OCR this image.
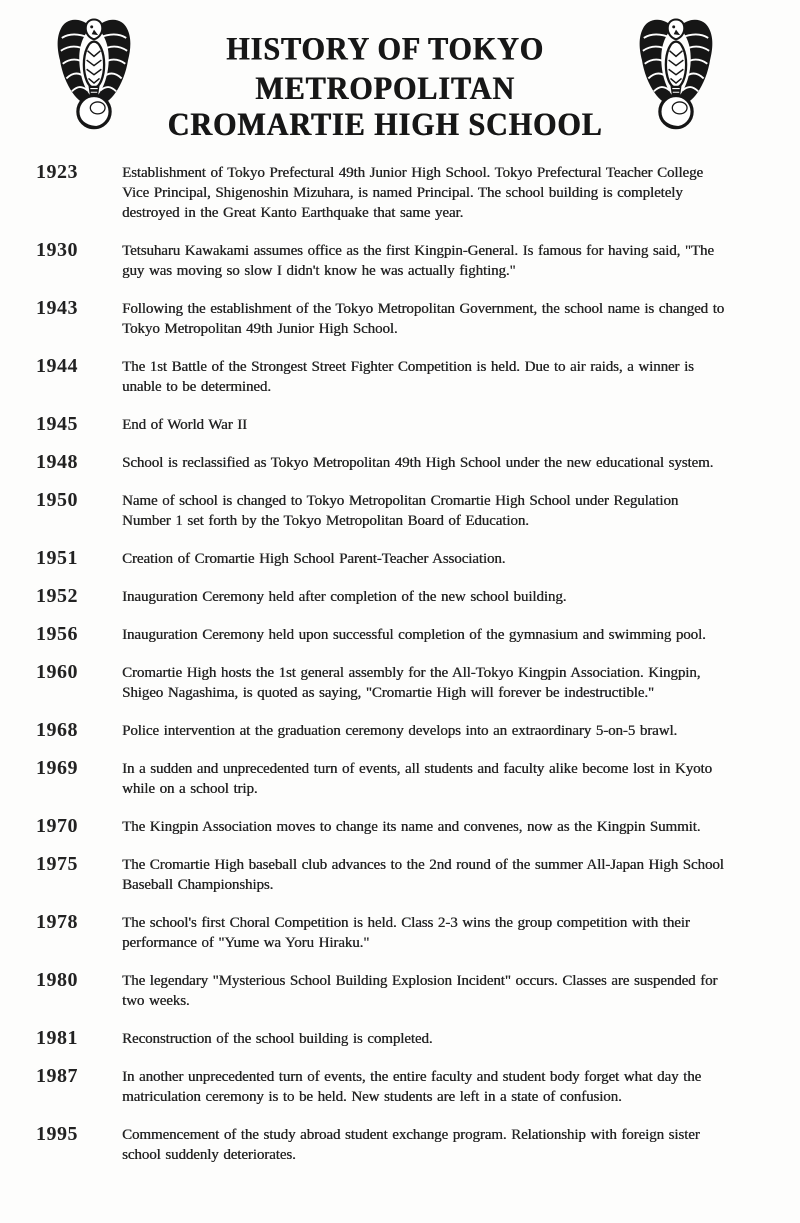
HISTORY OF TOKYO METROPOLITAN
CROMARTIE HIGH SCHOOL
1923	Establishment of Tokyo Prefectural 49th Junior High School. Tokyo Prefectural Teacher College Vice Principal, Shigenoshin Mizuhara, is named Principal. The school building is completely destroyed in the Great Kanto Earthquake that same year.
1930	Tetsuharu Kawakami assumes office as the first Kingpin-General. Is famous for having said, "The guy was moving so slow I didn't know he was actually fighting."
1943	Following the establishment of the Tokyo Metropolitan Government, the school name is changed to Tokyo Metropolitan 49th Junior High School.
1944	The 1st Battle of the Strongest Street Fighter Competition is held. Due to air raids, a winner is unable to be determined.
1945	End of World War II
1948	School is reclassified as Tokyo Metropolitan 49th High School under the new educational system.
1950	Name of school is changed to Tokyo Metropolitan Cromartie High School under Regulation Number 1 set forth by the Tokyo Metropolitan Board of Education.
1951	Creation of Cromartie High School Parent-Teacher Association.
1952	Inauguration Ceremony held after completion of the new school building.
1956	Inauguration Ceremony held upon successful completion of the gymnasium and swimming pool.
1960	Cromartie High hosts the 1st general assembly for the All-Tokyo Kingpin Association. Kingpin, Shigeo Nagashima, is quoted as saying, "Cromartie High will forever be indestructible."
1968	Police intervention at the graduation ceremony develops into an extraordinary 5-on-5 brawl.
1969	In a sudden and unprecedented turn of events, all students and faculty alike become lost in Kyoto while on a school trip.
1970	The Kingpin Association moves to change its name and convenes, now as the Kingpin Summit.
1975	The Cromartie High baseball club advances to the 2nd round of the summer All-Japan High School Baseball Championships.
1978	The school's first Choral Competition is held. Class 2-3 wins the group competition with their performance of "Yume wa Yoru Hiraku."
1980	The legendary "Mysterious School Building Explosion Incident" occurs. Classes are suspended for two weeks.
1981	Reconstruction of the school building is completed.
1987	In another unprecedented turn of events, the entire faculty and student body forget what day the matriculation ceremony is to be held. New students are left in a state of confusion.
1995	Commencement of the study abroad student exchange program. Relationship with foreign sister school suddenly deteriorates.
